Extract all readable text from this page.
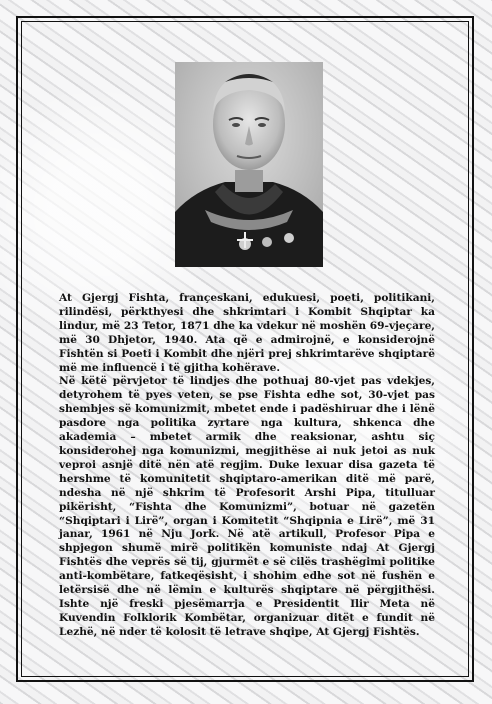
At Gjergj Fishta, françeskani, edukuesi, poeti, politikani, rilindësi, përkthyesi dhe shkrimtari i Kombit Shqiptar ka lindur, më 23 Tetor, 1871 dhe ka vdekur në moshën 69-vjeçare, më 30 Dhjetor, 1940. Ata që e admirojnë, e konsiderojnë Fishtën si Poeti i Kombit dhe njëri prej shkrimtarëve shqiptarë më me influencë i të gjitha kohërave.

Në këtë përvjetor të lindjes dhe pothuaj 80-vjet pas vdekjes, detyrohem të pyes veten, se pse Fishta edhe sot, 30-vjet pas shembjes së komunizmit, mbetet ende i padëshiruar dhe i lënë pasdore nga politika zyrtare nga kultura, shkenca dhe akademia – mbetet armik dhe reaksionar, ashtu siç konsiderohej nga komunizmi, megjithëse ai nuk jetoi as nuk veproi asnjë ditë nën atë regjim. Duke lexuar disa gazeta të hershme të komunitetit shqiptaro-amerikan ditë më parë, ndesha në një shkrim të Profesorit Arshi Pipa, titulluar pikërisht, “Fishta dhe Komunizmi”, botuar në gazetën “Shqiptari i Lirë”, organ i Komitetit “Shqipnia e Lirë”, më 31 janar, 1961 në Nju Jork. Në atë artikull, Profesor Pipa e shpjegon shumë mirë politikën komuniste ndaj At Gjergj Fishtës dhe veprës së tij, gjurmët e së cilës trashëgimi politike anti-kombëtare, fatkeqësisht, i shohim edhe sot në fushën e letërsisë dhe në lëmin e kulturës shqiptare në përgjithësi. Ishte një freski pjesëmarrja e Presidentit Ilir Meta në Kuvendin Folklorik Kombëtar, organizuar ditët e fundit në Lezhë, në nder të kolosit të letrave shqipe, At Gjergj Fishtës.
